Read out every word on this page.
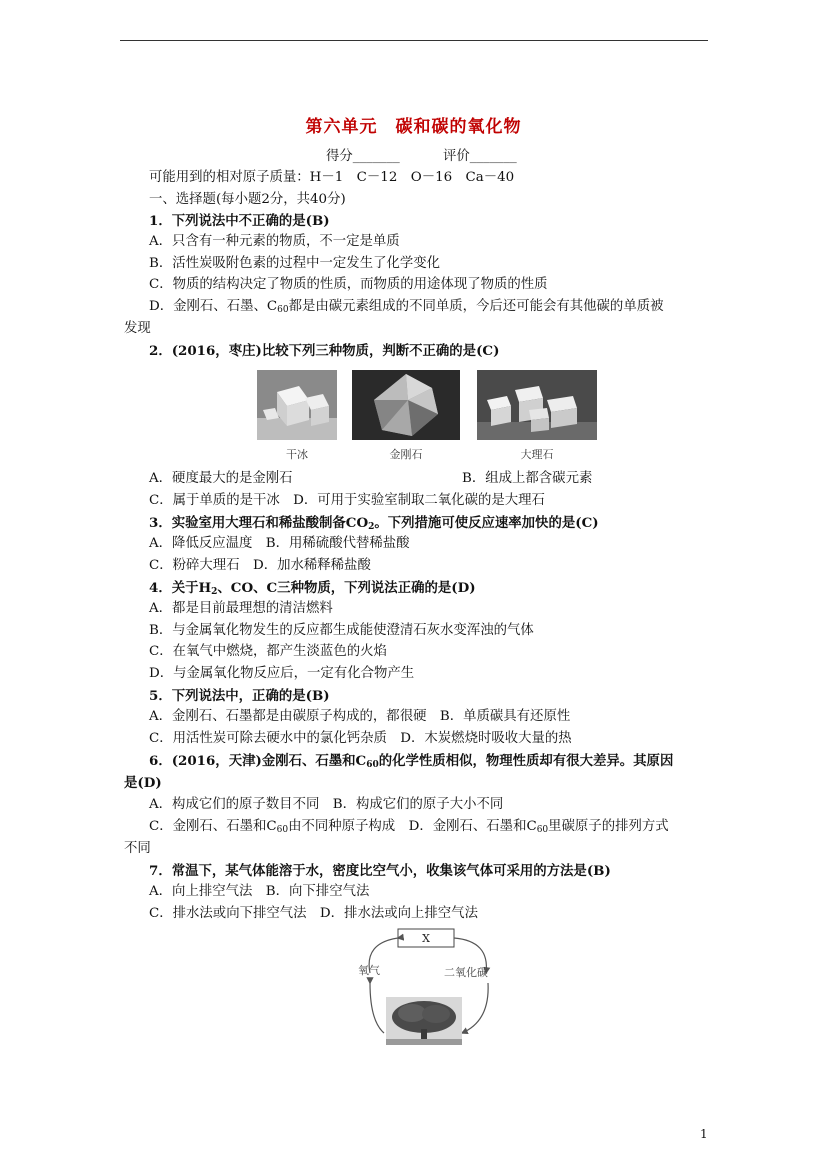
第六单元　碳和碳的氧化物
得分_______	评价_______
可能用到的相对原子质量：H－1　C－12　O－16　Ca－40
一、选择题(每小题2分，共40分)
1．下列说法中不正确的是(B)
A．只含有一种元素的物质，不一定是单质
B．活性炭吸附色素的过程中一定发生了化学变化
C．物质的结构决定了物质的性质，而物质的用途体现了物质的性质
D．金刚石、石墨、$C_{60}$都是由碳元素组成的不同单质，今后还可能会有其他碳的单质被
发现
2．(2016，枣庄)比较下列三种物质，判断不正确的是(C)
干冰	金刚石	大理石
A．硬度最大的是金刚石	B．组成上都含碳元素
C．属于单质的是干冰　D．可用于实验室制取二氧化碳的是大理石
3．实验室用大理石和稀盐酸制备$CO_2$。下列措施可使反应速率加快的是(C)
A．降低反应温度　B．用稀硫酸代替稀盐酸
C．粉碎大理石　D．加水稀释稀盐酸
4．关于$H_2$、CO、C三种物质，下列说法正确的是(D)
A．都是目前最理想的清洁燃料
B．与金属氧化物发生的反应都生成能使澄清石灰水变浑浊的气体
C．在氧气中燃烧，都产生淡蓝色的火焰
D．与金属氧化物反应后，一定有化合物产生
5．下列说法中，正确的是(B)
A．金刚石、石墨都是由碳原子构成的，都很硬　B．单质碳具有还原性
C．用活性炭可除去硬水中的氯化钙杂质　D．木炭燃烧时吸收大量的热
6．(2016，天津)金刚石、石墨和$C_{60}$的化学性质相似，物理性质却有很大差异。其原因
是(D)
A．构成它们的原子数目不同　B．构成它们的原子大小不同
C．金刚石、石墨和$C_{60}$由不同种原子构成　D．金刚石、石墨和$C_{60}$里碳原子的排列方式
不同
7．常温下，某气体能溶于水，密度比空气小，收集该气体可采用的方法是(B)
A．向上排空气法　B．向下排空气法
C．排水法或向下排空气法　D．排水法或向上排空气法
X
氧气	二氧化碳
1
